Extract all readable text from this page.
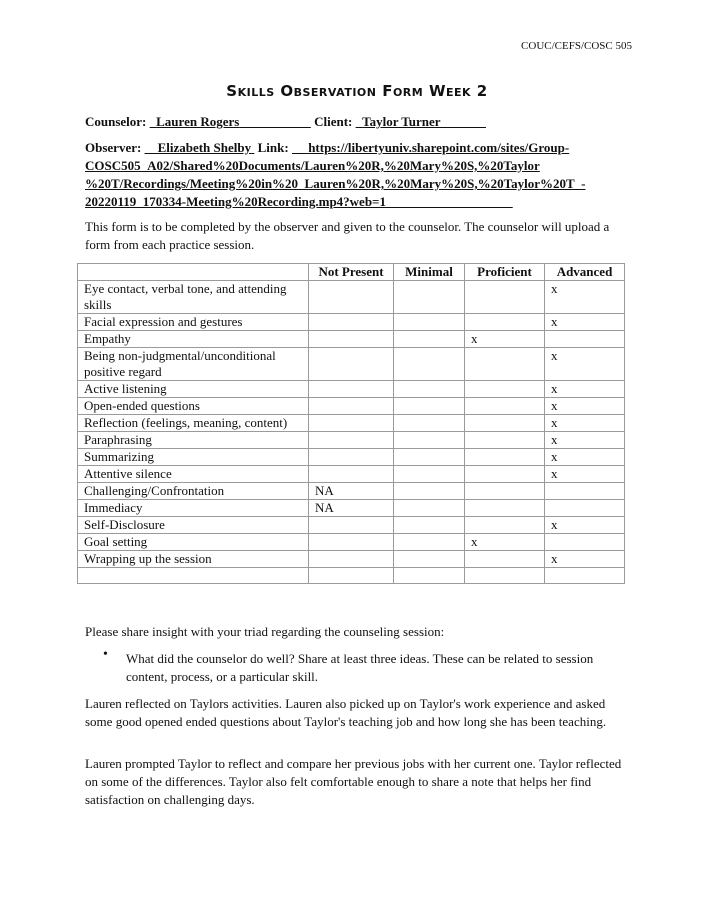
COUC/CEFS/COSC 505
Skills Observation Form Week 2
Counselor: Lauren Rogers	Client: Taylor Turner
Observer: Elizabeth Shelby Link: https://libertyuniv.sharepoint.com/sites/Group-
COSC505_A02/Shared%20Documents/Lauren%20R,%20Mary%20S,%20Taylor
%20T/Recordings/Meeting%20in%20_Lauren%20R,%20Mary%20S,%20Taylor%20T_-
20220119_170334-Meeting%20Recording.mp4?web=1
This form is to be completed by the observer and given to the counselor. The counselor will upload a form from each practice session.
	Not Present	Minimal	Proficient	Advanced
Eye contact, verbal tone, and attending skills				x
Facial expression and gestures				x
Empathy			x	
Being non-judgmental/unconditional positive regard				x
Active listening				x
Open-ended questions				x
Reflection (feelings, meaning, content)				x
Paraphrasing				x
Summarizing				x
Attentive silence				x
Challenging/Confrontation	NA			
Immediacy	NA			
Self-Disclosure				x
Goal setting			x	
Wrapping up the session				x

Please share insight with your triad regarding the counseling session:
• What did the counselor do well? Share at least three ideas. These can be related to session content, process, or a particular skill.
Lauren reflected on Taylors activities. Lauren also picked up on Taylor's work experience and asked some good opened ended questions about Taylor's teaching job and how long she has been teaching.
Lauren prompted Taylor to reflect and compare her previous jobs with her current one. Taylor reflected on some of the differences. Taylor also felt comfortable enough to share a note that helps her find satisfaction on challenging days.
